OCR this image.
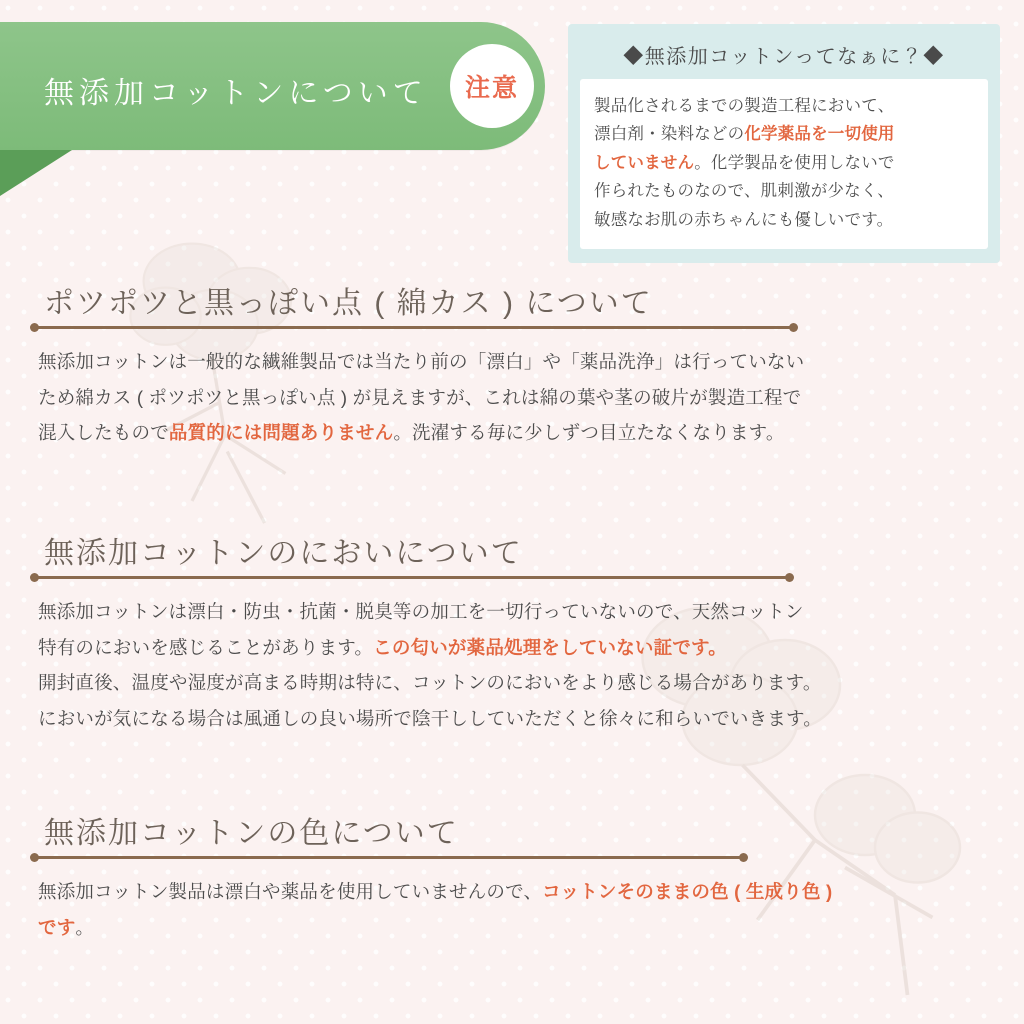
無添加コットンについて 注意
◆無添加コットンってなぁに？◆
製品化されるまでの製造工程において、
漂白剤・染料などの化学薬品を一切使用
していません。化学製品を使用しないで
作られたものなので、肌刺激が少なく、
敏感なお肌の赤ちゃんにも優しいです。
ポツポツと黒っぽい点 ( 綿カス ) について
無添加コットンは一般的な繊維製品では当たり前の「漂白」や「薬品洗浄」は行っていない
ため綿カス ( ポツポツと黒っぽい点 ) が見えますが、これは綿の葉や茎の破片が製造工程で
混入したもので品質的には問題ありません。洗濯する毎に少しずつ目立たなくなります。
無添加コットンのにおいについて
無添加コットンは漂白・防虫・抗菌・脱臭等の加工を一切行っていないので、天然コットン
特有のにおいを感じることがあります。この匂いが薬品処理をしていない証です。
開封直後、温度や湿度が高まる時期は特に、コットンのにおいをより感じる場合があります。
においが気になる場合は風通しの良い場所で陰干ししていただくと徐々に和らいでいきます。
無添加コットンの色について
無添加コットン製品は漂白や薬品を使用していませんので、コットンそのままの色 ( 生成り色 )
です。
